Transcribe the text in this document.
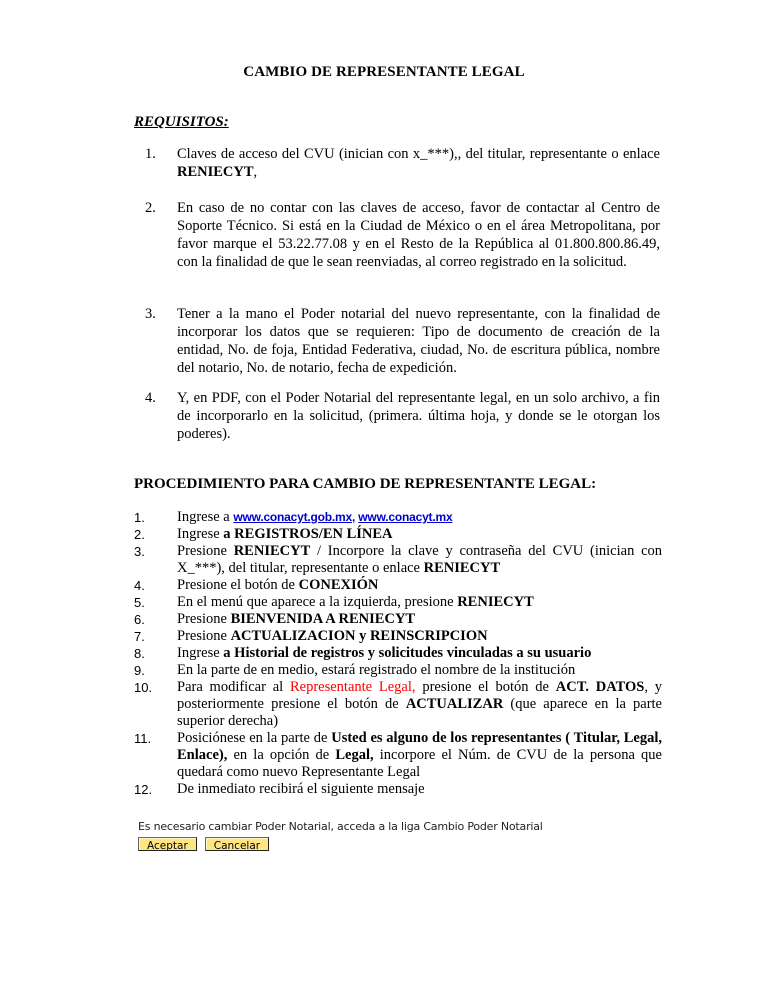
CAMBIO DE REPRESENTANTE LEGAL
REQUISITOS:
1. Claves de acceso del CVU (inician con x_***),, del titular, representante o enlace RENIECYT,
2. En caso de no contar con las claves de acceso, favor de contactar al Centro de Soporte Técnico. Si está en la Ciudad de México o en el área Metropolitana, por favor marque el 53.22.77.08 y en el Resto de la República al 01.800.800.86.49, con la finalidad de que le sean reenviadas, al correo registrado en la solicitud.
3. Tener a la mano el Poder notarial del nuevo representante, con la finalidad de incorporar los datos que se requieren: Tipo de documento de creación de la entidad, No. de foja, Entidad Federativa, ciudad, No. de escritura pública, nombre del notario, No. de notario, fecha de expedición.
4. Y, en PDF, con el Poder Notarial del representante legal, en un solo archivo, a fin de incorporarlo en la solicitud, (primera. última hoja, y donde se le otorgan los poderes).
PROCEDIMIENTO PARA CAMBIO DE REPRESENTANTE LEGAL:
1. Ingrese a www.conacyt.gob.mx, www.conacyt.mx
2. Ingrese a REGISTROS/EN LÍNEA
3. Presione RENIECYT / Incorpore la clave y contraseña del CVU (inician con X_***), del titular, representante o enlace RENIECYT
4. Presione el botón de CONEXIÓN
5. En el menú que aparece a la izquierda, presione RENIECYT
6. Presione BIENVENIDA A RENIECYT
7. Presione ACTUALIZACION y REINSCRIPCION
8. Ingrese a Historial de registros y solicitudes vinculadas a su usuario
9. En la parte de en medio, estará registrado el nombre de la institución
10. Para modificar al Representante Legal, presione el botón de ACT. DATOS, y posteriormente presione el botón de ACTUALIZAR (que aparece en la parte superior derecha)
11. Posiciónese en la parte de Usted es alguno de los representantes ( Titular, Legal, Enlace), en la opción de Legal, incorpore el Núm. de CVU de la persona que quedará como nuevo Representante Legal
12. De inmediato recibirá el siguiente mensaje
Es necesario cambiar Poder Notarial, acceda a la liga Cambio Poder Notarial
Aceptar	Cancelar
